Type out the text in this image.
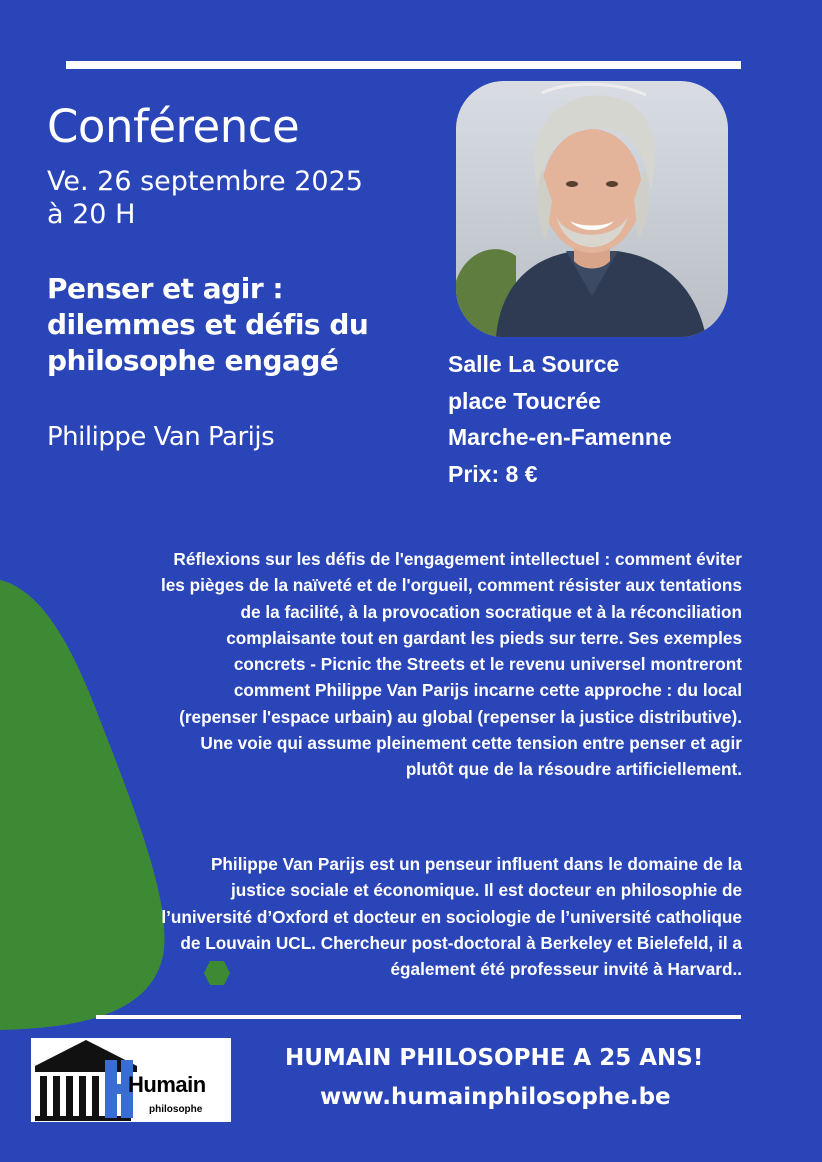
Conférence
Ve. 26 septembre 2025
à 20 H
Penser et agir :
dilemmes et défis du
philosophe engagé
Philippe Van Parijs
Salle La Source
place Toucrée
Marche-en-Famenne
Prix: 8 €
Réflexions sur les défis de l'engagement intellectuel : comment éviter
les pièges de la naïveté et de l'orgueil, comment résister aux tentations
de la facilité, à la provocation socratique et à la réconciliation
complaisante tout en gardant les pieds sur terre. Ses exemples
concrets - Picnic the Streets et le revenu universel montreront
comment Philippe Van Parijs incarne cette approche : du local
(repenser l'espace urbain) au global (repenser la justice distributive).
Une voie qui assume pleinement cette tension entre penser et agir
plutôt que de la résoudre artificiellement.
Philippe Van Parijs est un penseur influent dans le domaine de la
justice sociale et économique. Il est docteur en philosophie de
l’université d’Oxford et docteur en sociologie de l’université catholique
de Louvain UCL. Chercheur post-doctoral à Berkeley et Bielefeld, il a
également été professeur invité à Harvard..
Humain
philosophe
HUMAIN PHILOSOPHE A 25 ANS!
www.humainphilosophe.be
